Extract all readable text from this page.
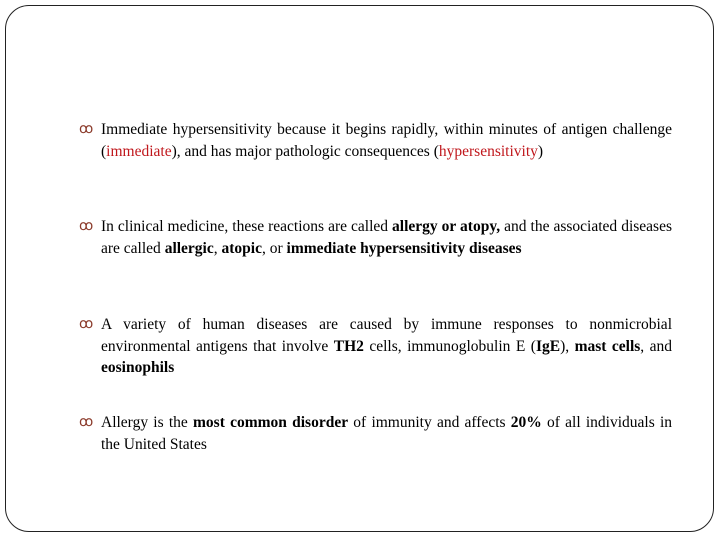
ꝏ Immediate hypersensitivity because it begins rapidly, within minutes of antigen challenge (immediate), and has major pathologic consequences (hypersensitivity)
ꝏ In clinical medicine, these reactions are called allergy or atopy, and the associated diseases are called allergic, atopic, or immediate hypersensitivity diseases
ꝏ A variety of human diseases are caused by immune responses to nonmicrobial environmental antigens that involve TH2 cells, immunoglobulin E (IgE), mast cells, and eosinophils
ꝏ Allergy is the most common disorder of immunity and affects 20% of all individuals in the United States
